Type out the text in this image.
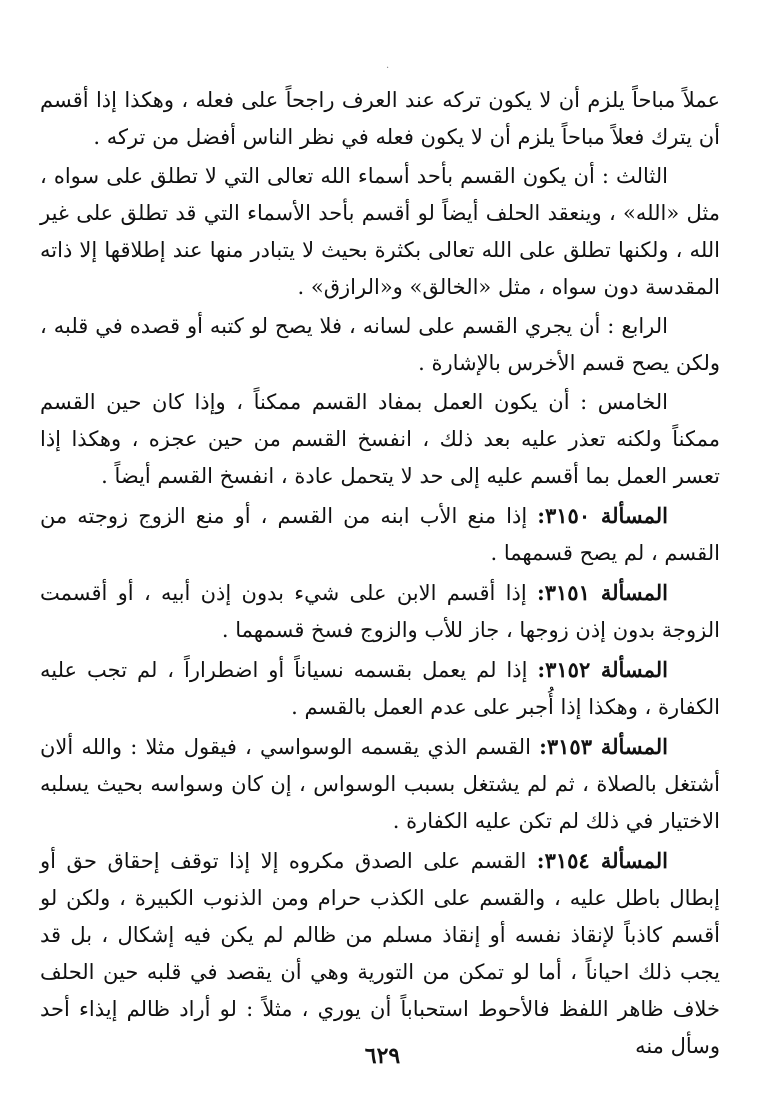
·

عملاً مباحاً يلزم أن لا يكون تركه عند العرف راجحاً على فعله ، وهكذا إذا أقسم أن يترك فعلاً مباحاً يلزم أن لا يكون فعله في نظر الناس أفضل من تركه .

الثالث : أن يكون القسم بأحد أسماء الله تعالى التي لا تطلق على سواه ، مثل «الله» ، وينعقد الحلف أيضاً لو أقسم بأحد الأسماء التي قد تطلق على غير الله ، ولكنها تطلق على الله تعالى بكثرة بحيث لا يتبادر منها عند إطلاقها إلا ذاته المقدسة دون سواه ، مثل «الخالق» و«الرازق» .

الرابع : أن يجري القسم على لسانه ، فلا يصح لو كتبه أو قصده في قلبه ، ولكن يصح قسم الأخرس بالإشارة .

الخامس : أن يكون العمل بمفاد القسم ممكناً ، وإذا كان حين القسم ممكناً ولكنه تعذر عليه بعد ذلك ، انفسخ القسم من حين عجزه ، وهكذا إذا تعسر العمل بما أقسم عليه إلى حد لا يتحمل عادة ، انفسخ القسم أيضاً .

المسألة ٣١٥٠: إذا منع الأب ابنه من القسم ، أو منع الزوج زوجته من القسم ، لم يصح قسمهما .

المسألة ٣١٥١: إذا أقسم الابن على شيء بدون إذن أبيه ، أو أقسمت الزوجة بدون إذن زوجها ، جاز للأب والزوج فسخ قسمهما .

المسألة ٣١٥٢: إذا لم يعمل بقسمه نسياناً أو اضطراراً ، لم تجب عليه الكفارة ، وهكذا إذا أُجبر على عدم العمل بالقسم .

المسألة ٣١٥٣: القسم الذي يقسمه الوسواسي ، فيقول مثلا : والله ألان أشتغل بالصلاة ، ثم لم يشتغل بسبب الوسواس ، إن كان وسواسه بحيث يسلبه الاختيار في ذلك لم تكن عليه الكفارة .

المسألة ٣١٥٤: القسم على الصدق مكروه إلا إذا توقف إحقاق حق أو إبطال باطل عليه ، والقسم على الكذب حرام ومن الذنوب الكبيرة ، ولكن لو أقسم كاذباً لإنقاذ نفسه أو إنقاذ مسلم من ظالم لم يكن فيه إشكال ، بل قد يجب ذلك احياناً ، أما لو تمكن من التورية وهي أن يقصد في قلبه حين الحلف خلاف ظاهر اللفظ فالأحوط استحباباً أن يوري ، مثلاً : لو أراد ظالم إيذاء أحد وسأل منه

٦٢٩
